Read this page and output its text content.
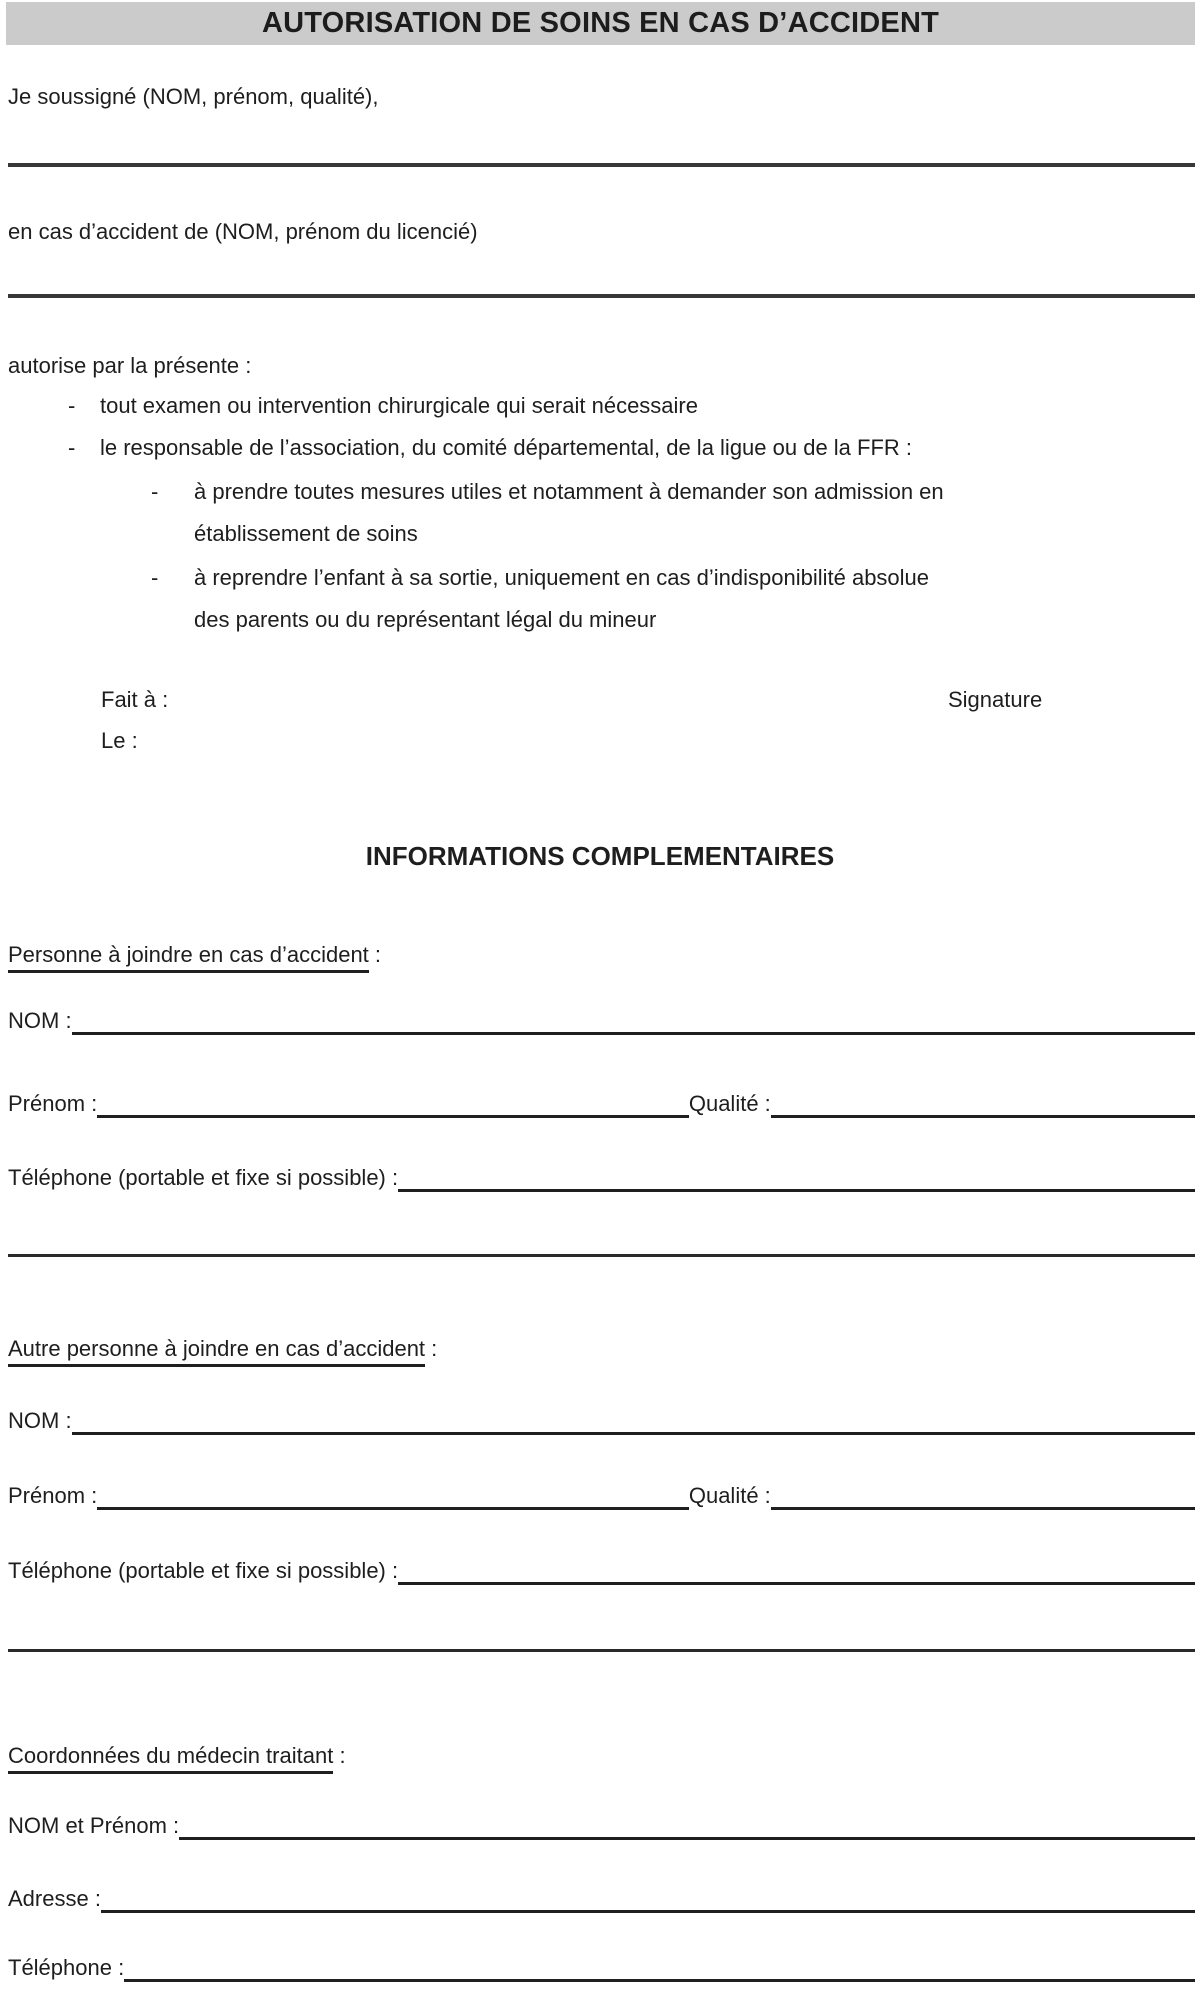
AUTORISATION DE SOINS EN CAS D’ACCIDENT
Je soussigné (NOM, prénom, qualité),
en cas d’accident de (NOM, prénom du licencié)
autorise par la présente :
-	tout examen ou intervention chirurgicale qui serait nécessaire
-	le responsable de l’association, du comité départemental, de la ligue ou de la FFR :
-	à prendre toutes mesures utiles et notamment à demander son admission en
établissement de soins
-	à reprendre l’enfant à sa sortie, uniquement en cas d’indisponibilité absolue
des parents ou du représentant légal du mineur
Fait à :	Signature
Le :
INFORMATIONS COMPLEMENTAIRES
Personne à joindre en cas d’accident :
NOM :
Prénom :	Qualité :
Téléphone (portable et fixe si possible) :
Autre personne à joindre en cas d’accident :
NOM :
Prénom :	Qualité :
Téléphone (portable et fixe si possible) :
Coordonnées du médecin traitant :
NOM et Prénom :
Adresse :
Téléphone :
